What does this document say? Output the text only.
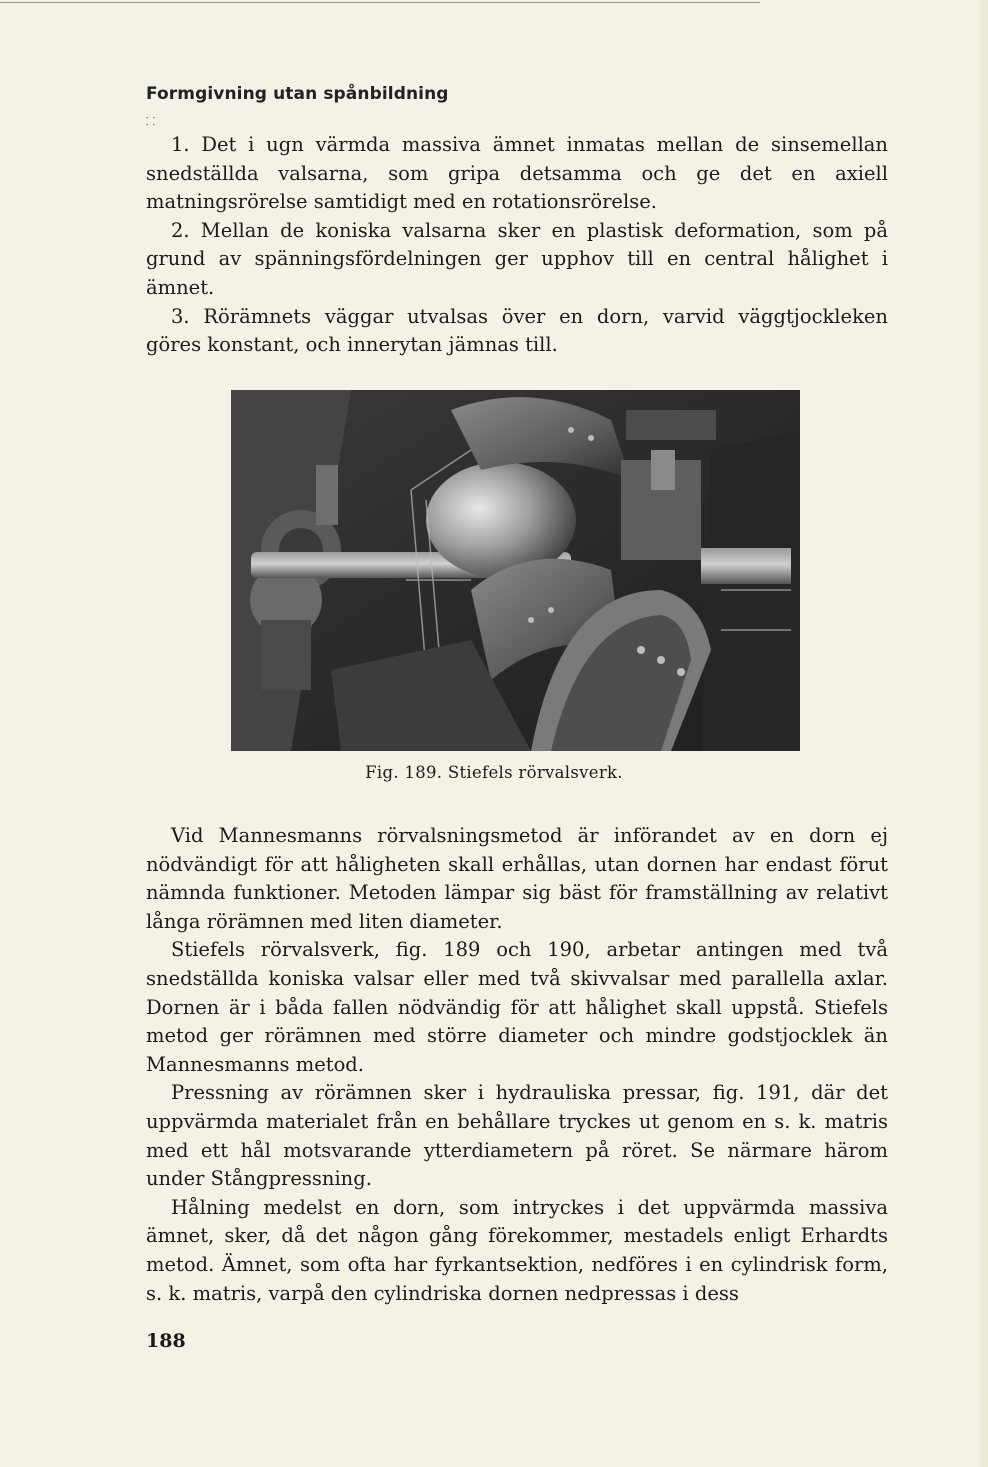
Formgivning utan spånbildning
⸬

1. Det i ugn värmda massiva ämnet inmatas mellan de sinsemellan snedställda valsarna, som gripa detsamma och ge det en axiell matningsrörelse samtidigt med en rotationsrörelse.

2. Mellan de koniska valsarna sker en plastisk deformation, som på grund av spänningsfördelningen ger upphov till en central hålighet i ämnet.

3. Rörämnets väggar utvalsas över en dorn, varvid väggtjockleken göres konstant, och innerytan jämnas till.

Fig. 189. Stiefels rörvalsverk.

Vid Mannesmanns rörvalsningsmetod är införandet av en dorn ej nödvändigt för att håligheten skall erhållas, utan dornen har endast förut nämnda funktioner. Metoden lämpar sig bäst för framställning av relativt långa rörämnen med liten diameter.

Stiefels rörvalsverk, fig. 189 och 190, arbetar antingen med två snedställda koniska valsar eller med två skivvalsar med parallella axlar. Dornen är i båda fallen nödvändig för att hålighet skall uppstå. Stiefels metod ger rörämnen med större diameter och mindre godstjocklek än Mannesmanns metod.

Pressning av rörämnen sker i hydrauliska pressar, fig. 191, där det uppvärmda materialet från en behållare tryckes ut genom en s. k. matris med ett hål motsvarande ytterdiametern på röret. Se närmare härom under Stångpressning.

Hålning medelst en dorn, som intryckes i det uppvärmda massiva ämnet, sker, då det någon gång förekommer, mestadels enligt Erhardts metod. Ämnet, som ofta har fyrkantsektion, nedföres i en cylindrisk form, s. k. matris, varpå den cylindriska dornen nedpressas i dess

188
